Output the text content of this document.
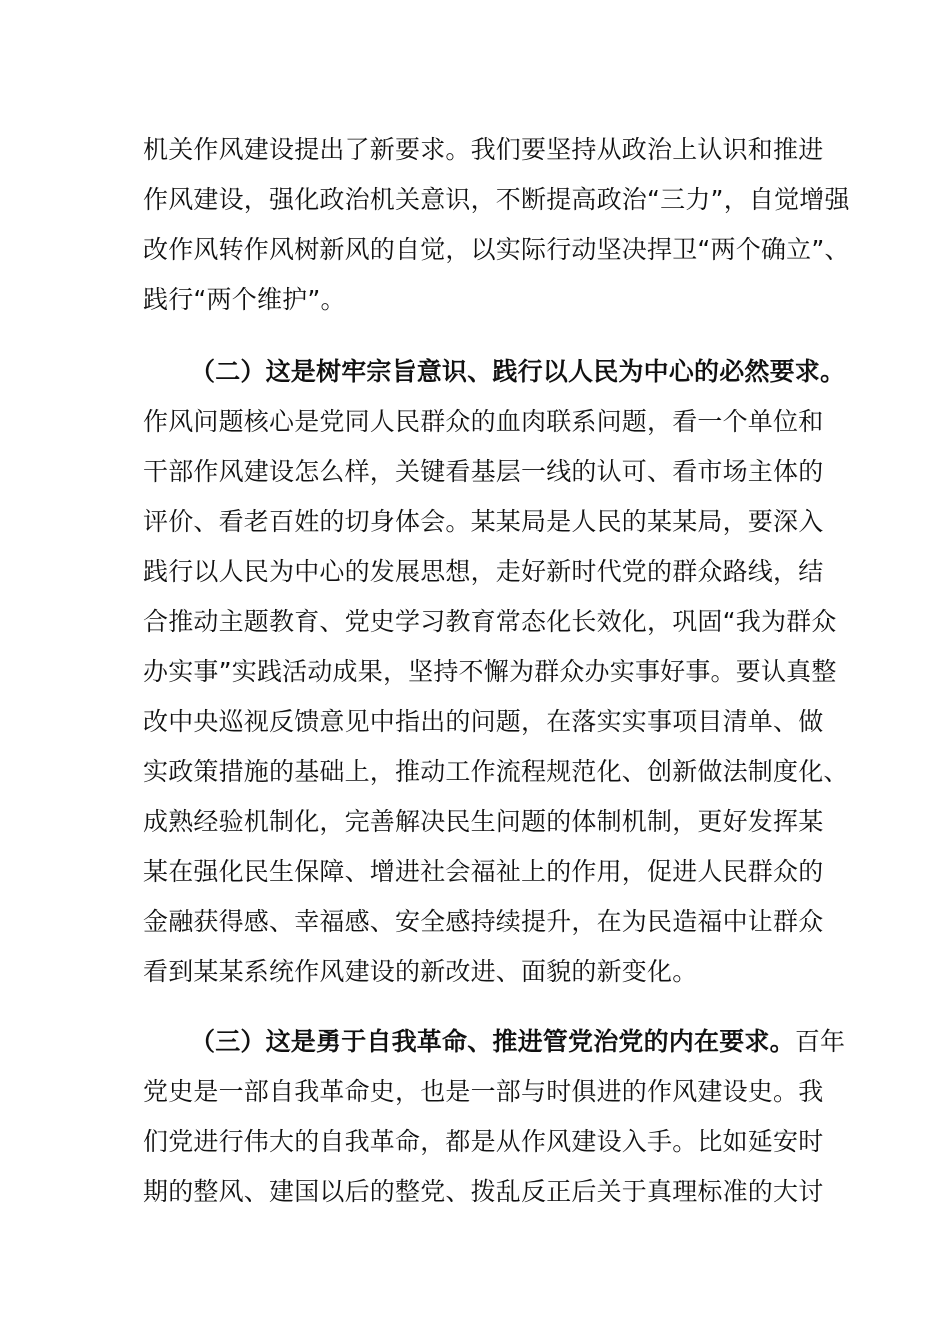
机关作风建设提出了新要求。我们要坚持从政治上认识和推进
作风建设，强化政治机关意识，不断提高政治“三力”，自觉增强
改作风转作风树新风的自觉，以实际行动坚决捍卫“两个确立”、
践行“两个维护”。
（二）这是树牢宗旨意识、践行以人民为中心的必然要求。
作风问题核心是党同人民群众的血肉联系问题，看一个单位和
干部作风建设怎么样，关键看基层一线的认可、看市场主体的
评价、看老百姓的切身体会。某某局是人民的某某局，要深入
践行以人民为中心的发展思想，走好新时代党的群众路线，结
合推动主题教育、党史学习教育常态化长效化，巩固“我为群众
办实事”实践活动成果，坚持不懈为群众办实事好事。要认真整
改中央巡视反馈意见中指出的问题，在落实实事项目清单、做
实政策措施的基础上，推动工作流程规范化、创新做法制度化、
成熟经验机制化，完善解决民生问题的体制机制，更好发挥某
某在强化民生保障、增进社会福祉上的作用，促进人民群众的
金融获得感、幸福感、安全感持续提升，在为民造福中让群众
看到某某系统作风建设的新改进、面貌的新变化。
（三）这是勇于自我革命、推进管党治党的内在要求。百年
党史是一部自我革命史，也是一部与时俱进的作风建设史。我
们党进行伟大的自我革命，都是从作风建设入手。比如延安时
期的整风、建国以后的整党、拨乱反正后关于真理标准的大讨
